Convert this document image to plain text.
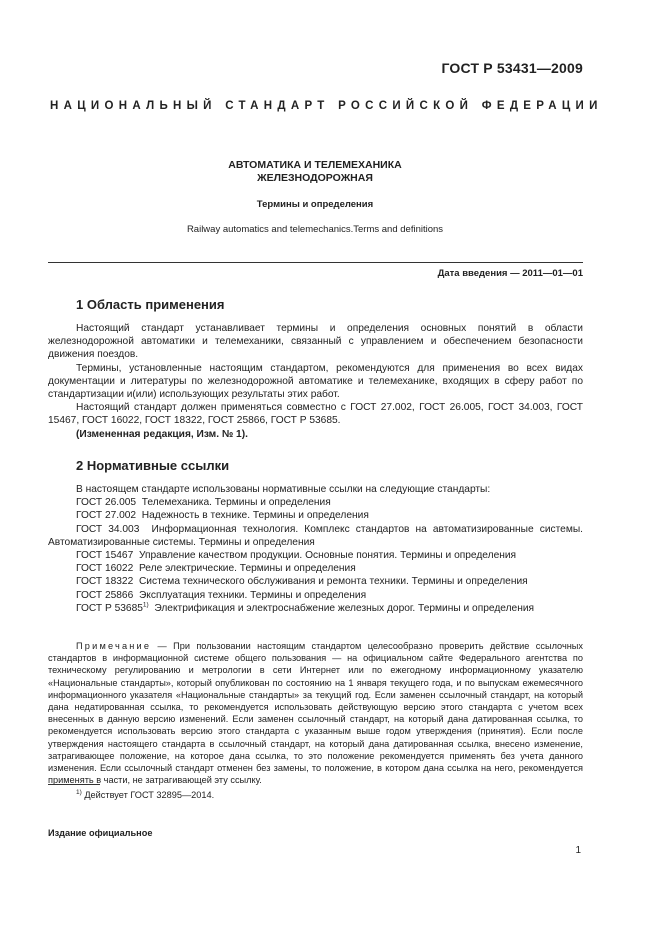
ГОСТ Р 53431—2009
НАЦИОНАЛЬНЫЙ СТАНДАРТ РОССИЙСКОЙ ФЕДЕРАЦИИ
АВТОМАТИКА И ТЕЛЕМЕХАНИКА
ЖЕЛЕЗНОДОРОЖНАЯ
Термины и определения
Railway automatics and telemechanics.Terms and definitions
Дата введения — 2011—01—01
1 Область применения

Настоящий стандарт устанавливает термины и определения основных понятий в области железнодорожной автоматики и телемеханики, связанный с управлением и обеспечением безопасности движения поездов.

Термины, установленные настоящим стандартом, рекомендуются для применения во всех видах документации и литературы по железнодорожной автоматике и телемеханике, входящих в сферу работ по стандартизации и(или) использующих результаты этих работ.

Настоящий стандарт должен применяться совместно с ГОСТ 27.002, ГОСТ 26.005, ГОСТ 34.003, ГОСТ 15467, ГОСТ 16022, ГОСТ 18322, ГОСТ 25866, ГОСТ Р 53685.

(Измененная редакция, Изм. № 1).

2 Нормативные ссылки

В настоящем стандарте использованы нормативные ссылки на следующие стандарты:

ГОСТ 26.005 Телемеханика. Термины и определения

ГОСТ 27.002 Надежность в технике. Термины и определения

ГОСТ 34.003 Информационная технология. Комплекс стандартов на автоматизированные системы. Автоматизированные системы. Термины и определения

ГОСТ 15467 Управление качеством продукции. Основные понятия. Термины и определения

ГОСТ 16022 Реле электрические. Термины и определения

ГОСТ 18322 Система технического обслуживания и ремонта техники. Термины и определения

ГОСТ 25866 Эксплуатация техники. Термины и определения

ГОСТ Р 53685$^{1)}$ Электрификация и электроснабжение железных дорог. Термины и определения

Примечание — При пользовании настоящим стандартом целесообразно проверить действие ссылочных стандартов в информационной системе общего пользования — на официальном сайте Федерального агентства по техническому регулированию и метрологии в сети Интернет или по ежегодному информационному указателю «Национальные стандарты», который опубликован по состоянию на 1 января текущего года, и по выпускам ежемесячного информационного указателя «Национальные стандарты» за текущий год. Если заменен ссылочный стандарт, на который дана недатированная ссылка, то рекомендуется использовать действующую версию этого стандарта с учетом всех внесенных в данную версию изменений. Если заменен ссылочный стандарт, на который дана датированная ссылка, то рекомендуется использовать версию этого стандарта с указанным выше годом утверждения (принятия). Если после утверждения настоящего стандарта в ссылочный стандарт, на который дана датированная ссылка, внесено изменение, затрагивающее положение, на которое дана ссылка, то это положение рекомендуется применять без учета данного изменения. Если ссылочный стандарт отменен без замены, то положение, в котором дана ссылка на него, рекомендуется применять в части, не затрагивающей эту ссылку.

$^{1)}$ Действует ГОСТ 32895—2014.
Издание официальное
1
